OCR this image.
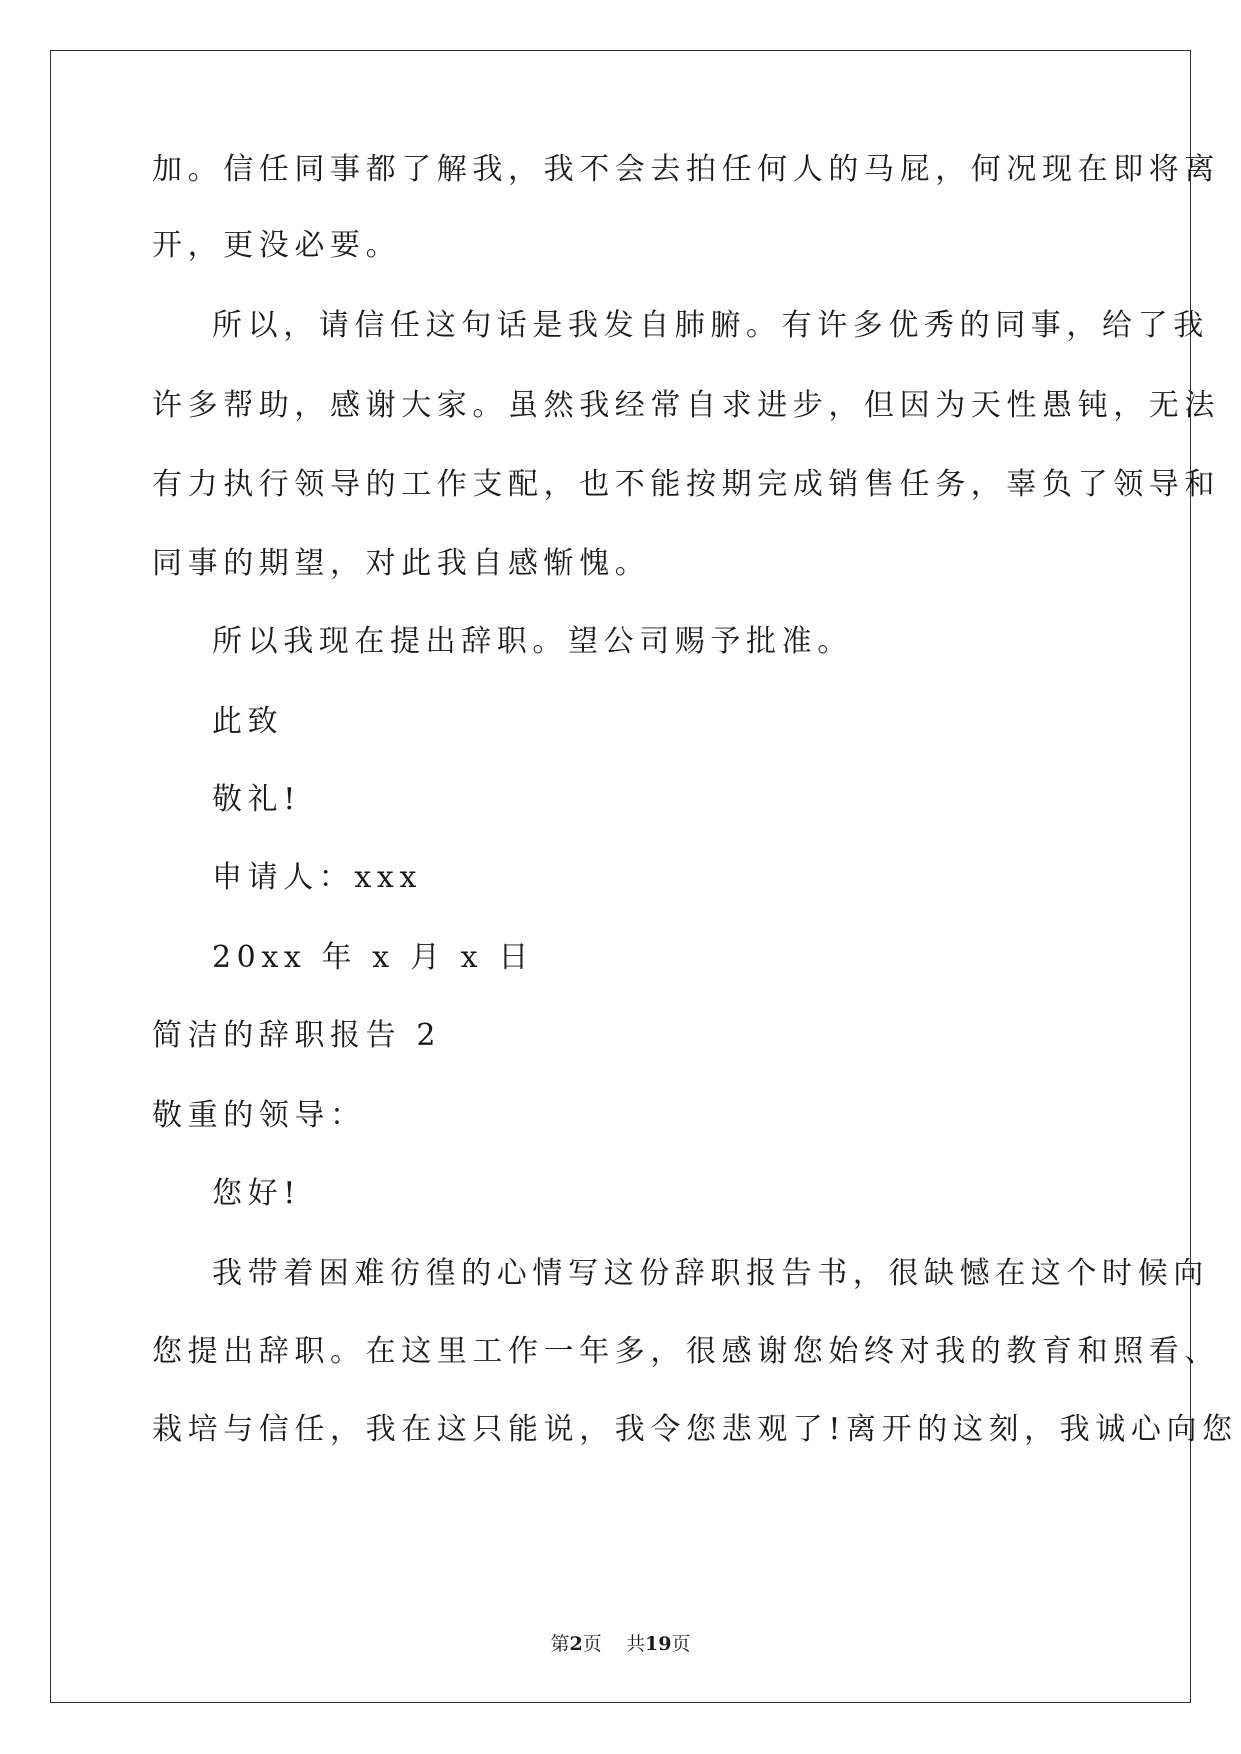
加。信任同事都了解我，我不会去拍任何人的马屁，何况现在即将离
开，更没必要。
所以，请信任这句话是我发自肺腑。有许多优秀的同事，给了我
许多帮助，感谢大家。虽然我经常自求进步，但因为天性愚钝，无法
有力执行领导的工作支配，也不能按期完成销售任务，辜负了领导和
同事的期望，对此我自感惭愧。
所以我现在提出辞职。望公司赐予批准。
此致
敬礼!
申请人：xxx
20xx 年 x 月 x 日
简洁的辞职报告 2
敬重的领导：
您好!
我带着困难彷徨的心情写这份辞职报告书，很缺憾在这个时候向
您提出辞职。在这里工作一年多，很感谢您始终对我的教育和照看、
栽培与信任，我在这只能说，我令您悲观了!离开的这刻，我诚心向您
第2页 共19页
